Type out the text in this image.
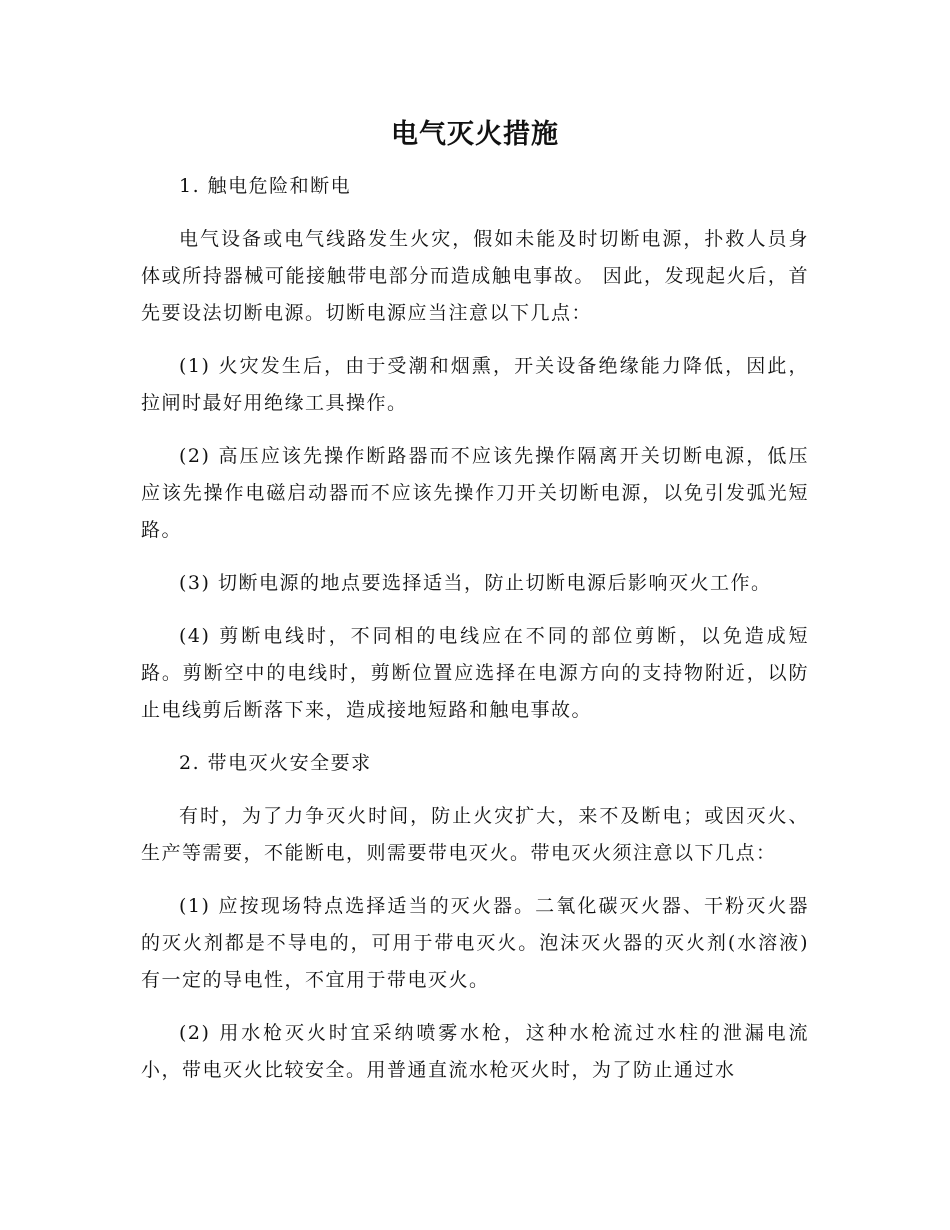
电气灭火措施

1. 触电危险和断电

电气设备或电气线路发生火灾，假如未能及时切断电源，扑救人员身体或所持器械可能接触带电部分而造成触电事故。 因此，发现起火后，首先要设法切断电源。切断电源应当注意以下几点：

(1) 火灾发生后，由于受潮和烟熏，开关设备绝缘能力降低，因此，拉闸时最好用绝缘工具操作。

(2) 高压应该先操作断路器而不应该先操作隔离开关切断电源，低压应该先操作电磁启动器而不应该先操作刀开关切断电源，以免引发弧光短路。

(3) 切断电源的地点要选择适当，防止切断电源后影响灭火工作。

(4) 剪断电线时，不同相的电线应在不同的部位剪断，以免造成短路。剪断空中的电线时，剪断位置应选择在电源方向的支持物附近，以防止电线剪后断落下来，造成接地短路和触电事故。

2. 带电灭火安全要求

有时，为了力争灭火时间，防止火灾扩大，来不及断电；或因灭火、生产等需要，不能断电，则需要带电灭火。带电灭火须注意以下几点：

(1) 应按现场特点选择适当的灭火器。二氧化碳灭火器、干粉灭火器的灭火剂都是不导电的，可用于带电灭火。泡沫灭火器的灭火剂(水溶液)有一定的导电性，不宜用于带电灭火。

(2) 用水枪灭火时宜采纳喷雾水枪，这种水枪流过水柱的泄漏电流小，带电灭火比较安全。用普通直流水枪灭火时，为了防止通过水
